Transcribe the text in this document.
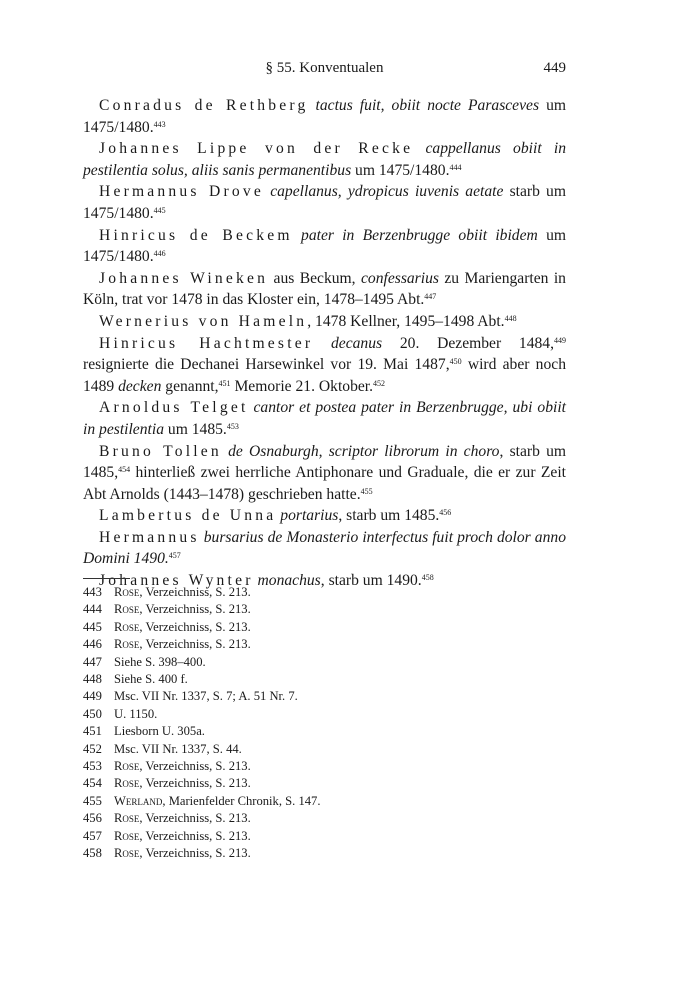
§ 55. Konventualen	449

Conradus de Rethberg tactus fuit, obiit nocte Parasceves um 1475/1480.$^{443}$

Johannes Lippe von der Recke cappellanus obiit in pestilentia solus, aliis sanis permanentibus um 1475/1480.$^{444}$

Hermannus Drove capellanus, ydropicus iuvenis aetate starb um 1475/1480.$^{445}$

Hinricus de Beckem pater in Berzenbrugge obiit ibidem um 1475/1480.$^{446}$

Johannes Wineken aus Beckum, confessarius zu Mariengarten in Köln, trat vor 1478 in das Kloster ein, 1478–1495 Abt.$^{447}$

Wernerius von Hameln, 1478 Kellner, 1495–1498 Abt.$^{448}$

Hinricus Hachtmester decanus 20. Dezember 1484,$^{449}$ resignierte die Dechanei Harsewinkel vor 19. Mai 1487,$^{450}$ wird aber noch 1489 decken genannt,$^{451}$ Memorie 21. Oktober.$^{452}$

Arnoldus Telget cantor et postea pater in Berzenbrugge, ubi obiit in pestilentia um 1485.$^{453}$

Bruno Tollen de Osnaburgh, scriptor librorum in choro, starb um 1485,$^{454}$ hinterließ zwei herrliche Antiphonare und Graduale, die er zur Zeit Abt Arnolds (1443–1478) geschrieben hatte.$^{455}$

Lambertus de Unna portarius, starb um 1485.$^{456}$

Hermannus bursarius de Monasterio interfectus fuit proch dolor anno Domini 1490.$^{457}$

Johannes Wynter monachus, starb um 1490.$^{458}$

443 Rose, Verzeichniss, S. 213.
444 Rose, Verzeichniss, S. 213.
445 Rose, Verzeichniss, S. 213.
446 Rose, Verzeichniss, S. 213.
447 Siehe S. 398–400.
448 Siehe S. 400 f.
449 Msc. VII Nr. 1337, S. 7; A. 51 Nr. 7.
450 U. 1150.
451 Liesborn U. 305a.
452 Msc. VII Nr. 1337, S. 44.
453 Rose, Verzeichniss, S. 213.
454 Rose, Verzeichniss, S. 213.
455 Werland, Marienfelder Chronik, S. 147.
456 Rose, Verzeichniss, S. 213.
457 Rose, Verzeichniss, S. 213.
458 Rose, Verzeichniss, S. 213.
